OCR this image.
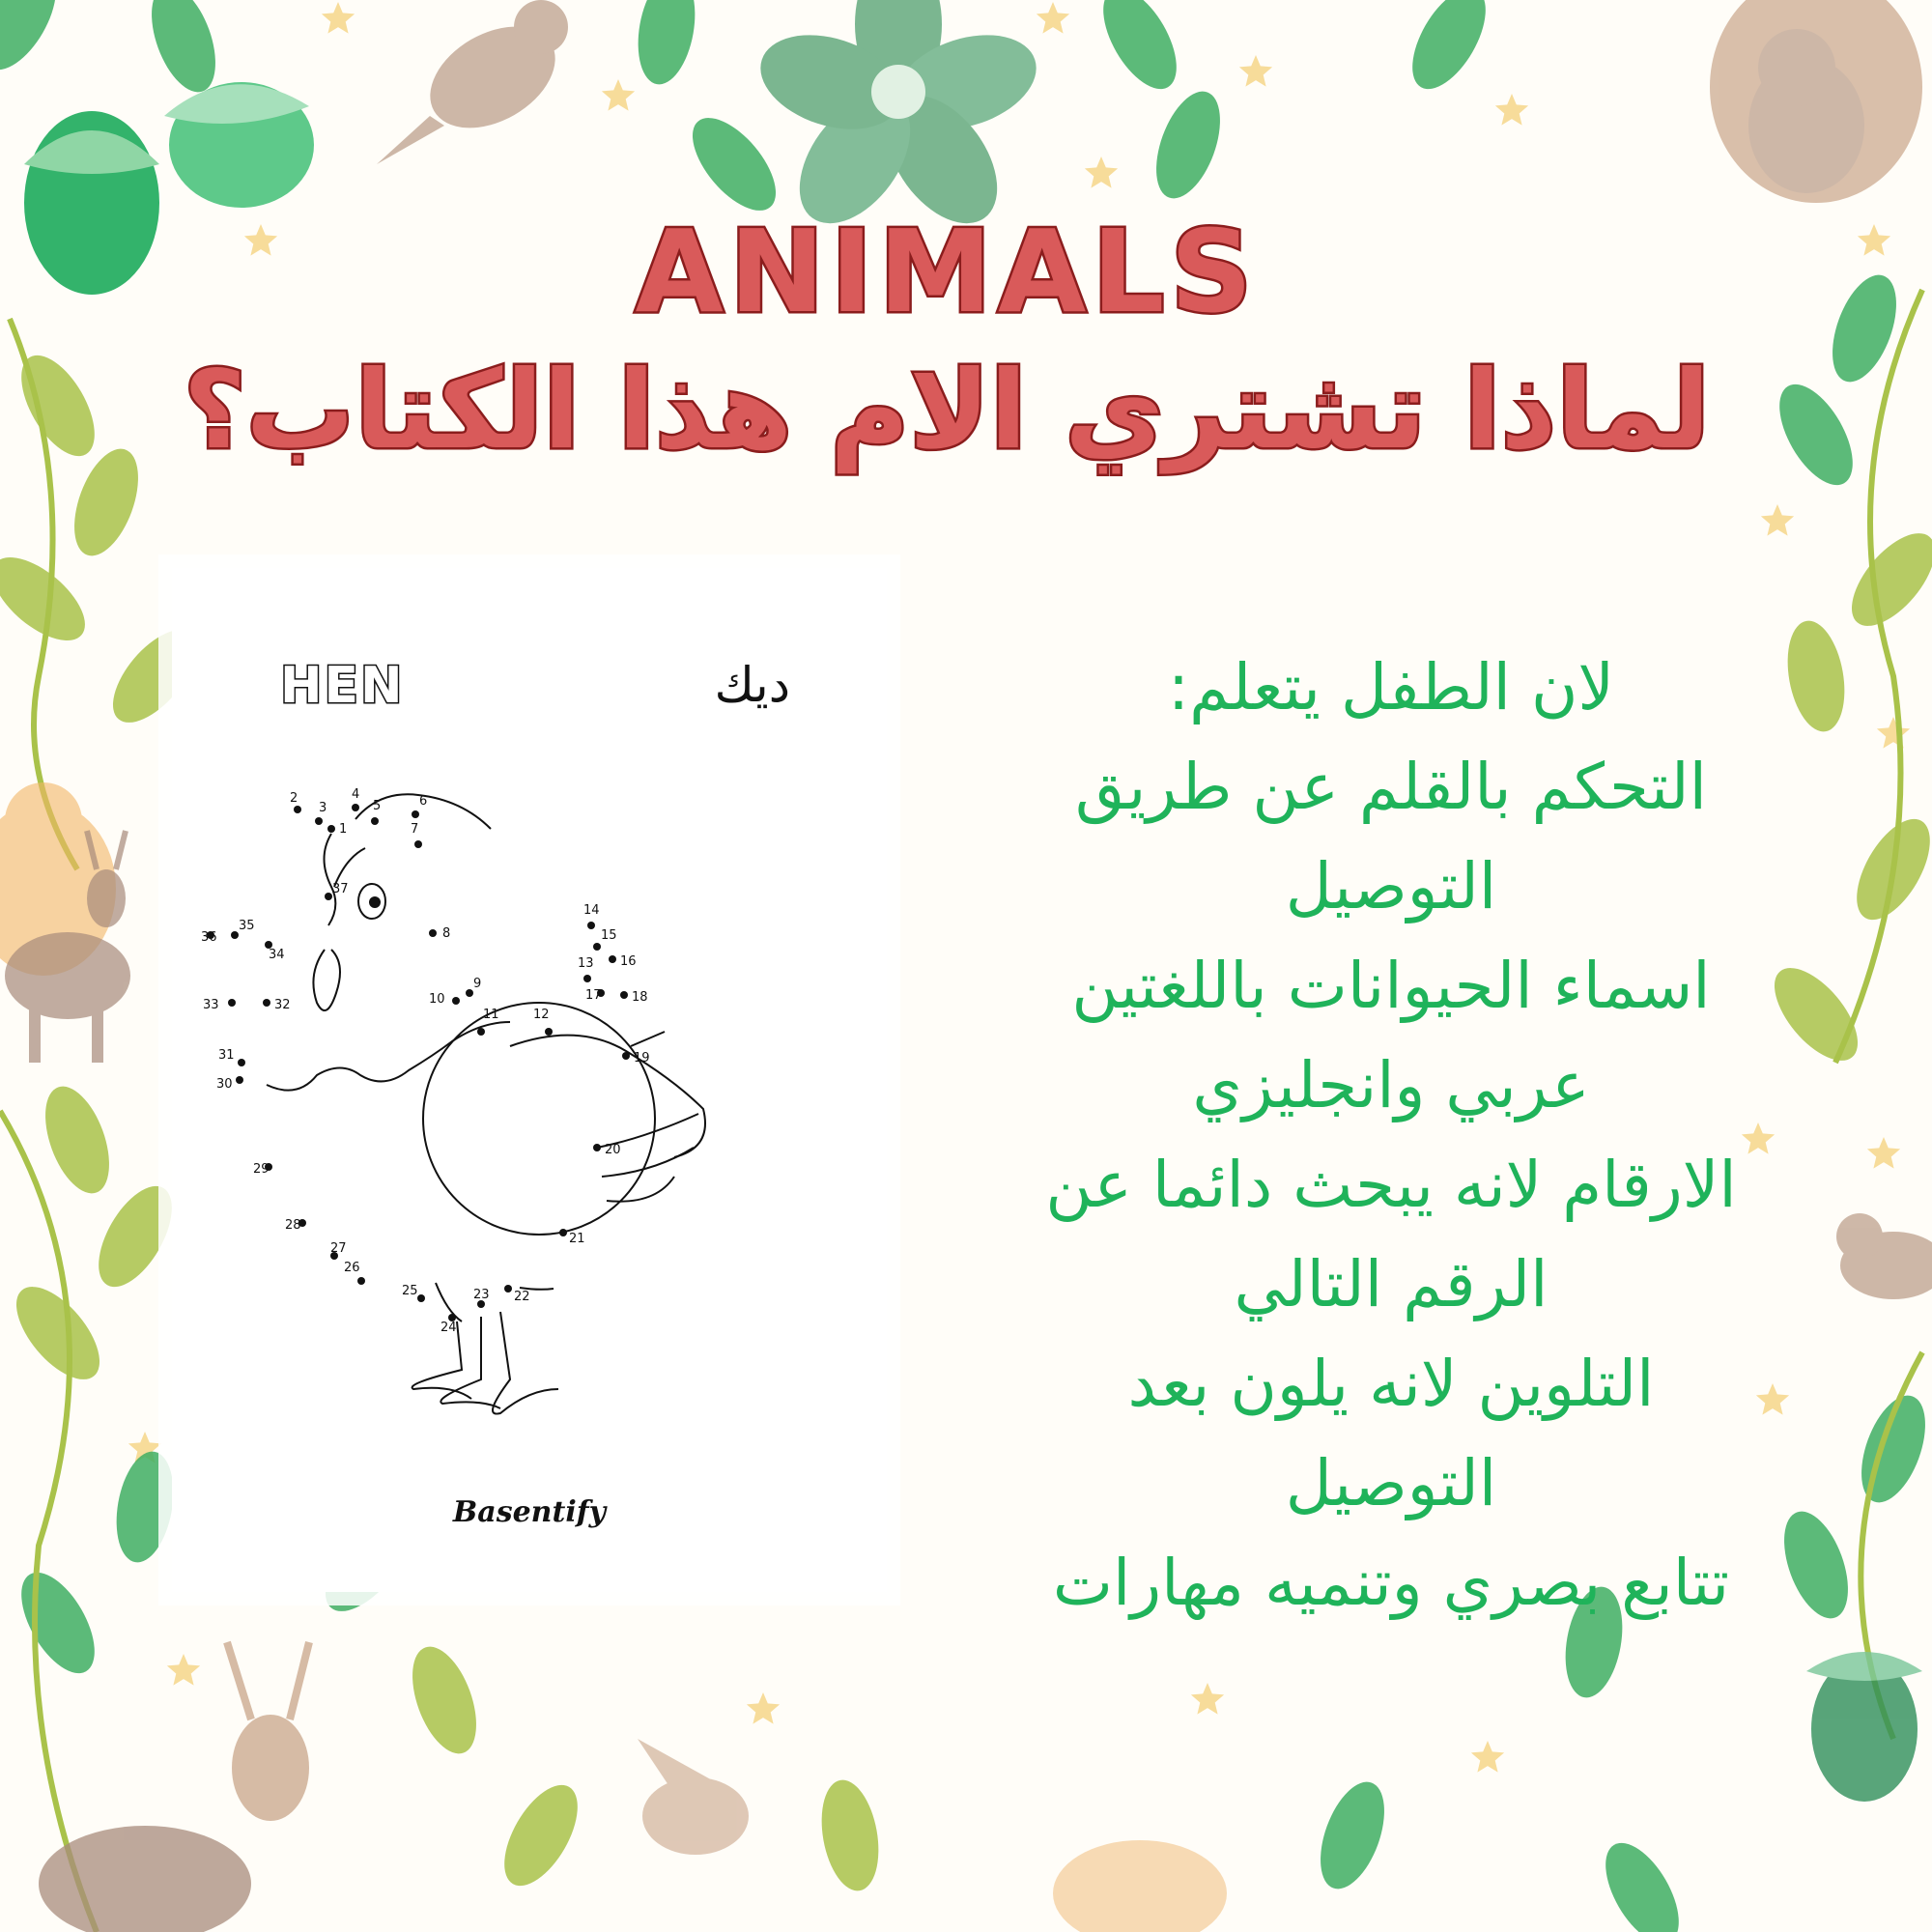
ANIMALS
لماذا تشتري الام هذا الكتاب؟
1
2
3
4
5	6
7
8
9
10
11	12
13
14
15
16
17 18
19
20
21
22
23
24
25
26
27
28
29
30
31
32
33
34
35
36
37
HEN	ديك
Basentify
لان الطفل يتعلم:
التحكم بالقلم عن طريق
التوصيل
اسماء الحيوانات باللغتين
عربي وانجليزي
الارقام لانه يبحث دائما عن
الرقم التالي
التلوين لانه يلون بعد
التوصيل
تتابع بصري وتنميه مهارات
